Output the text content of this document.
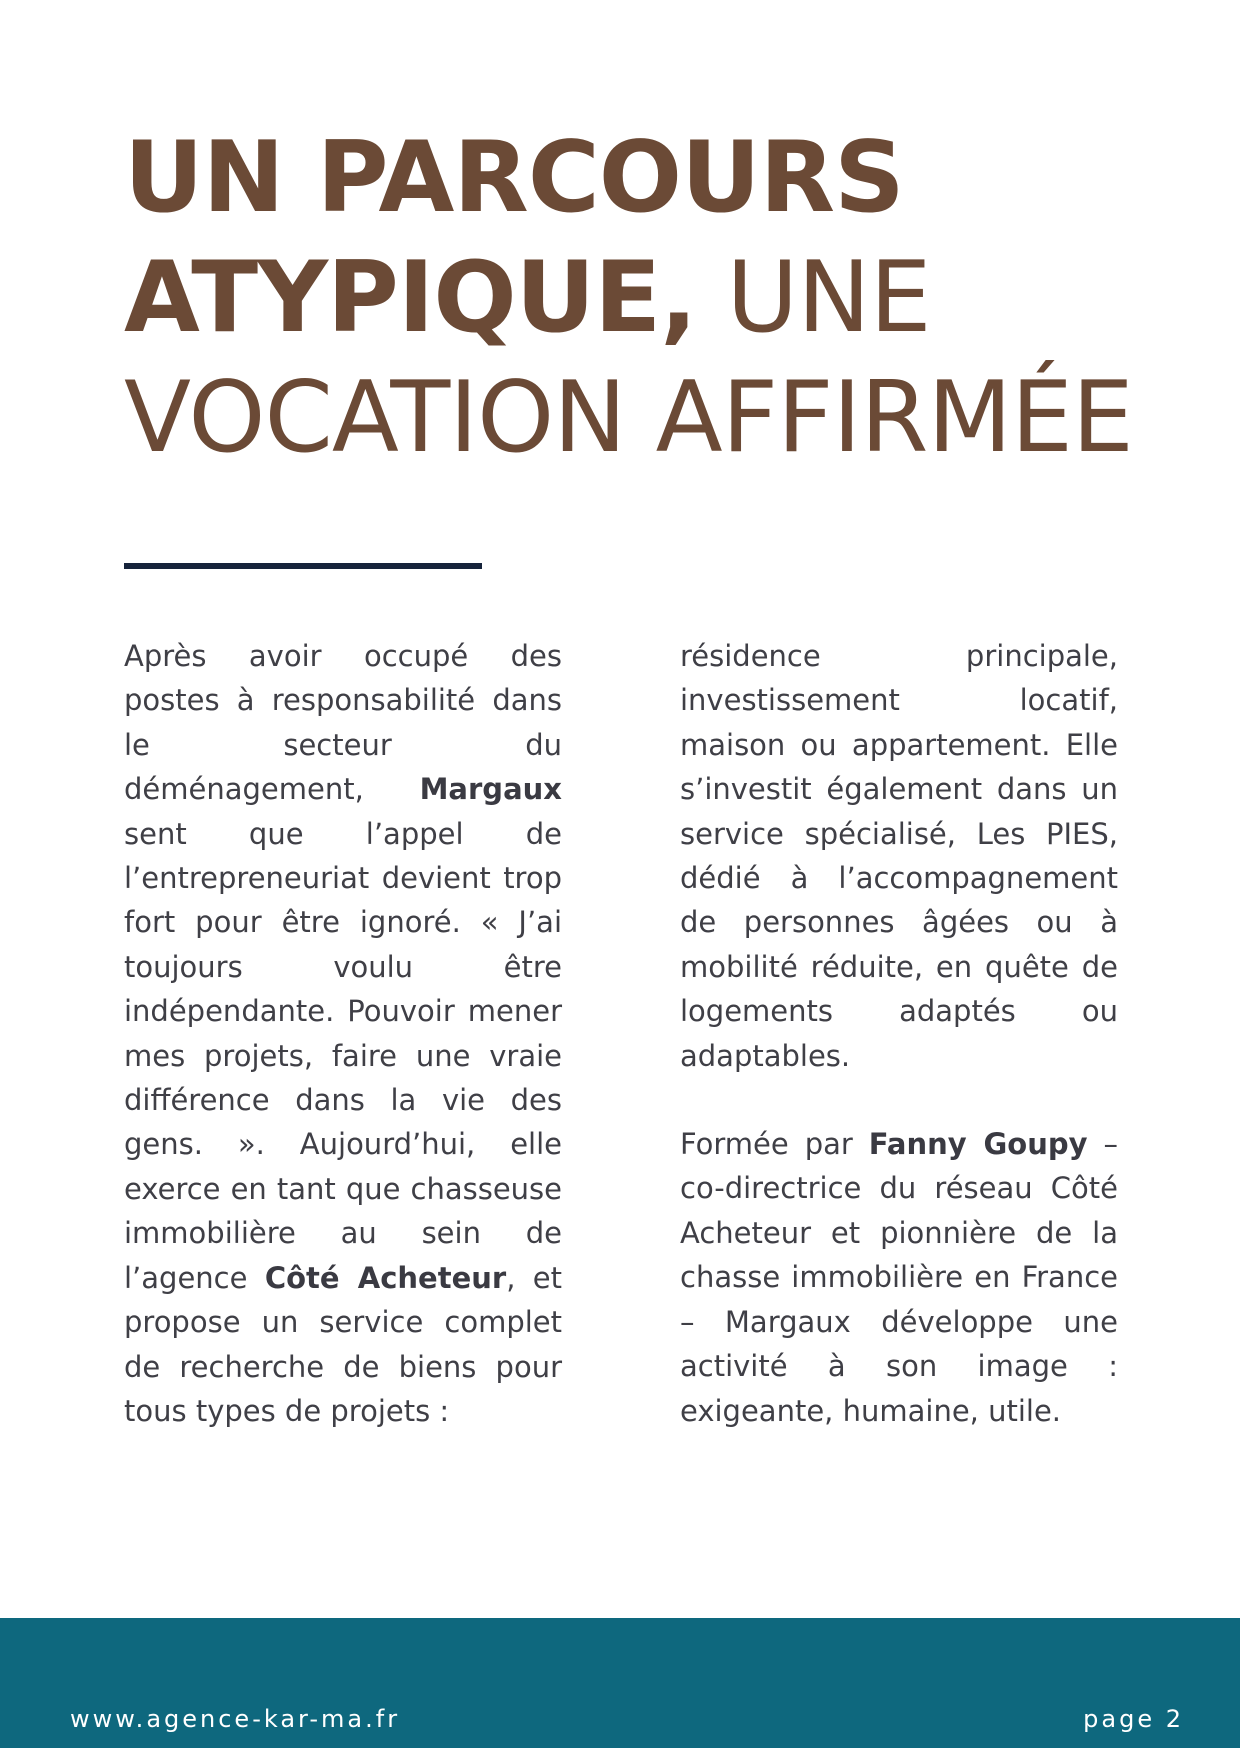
UN PARCOURS
ATYPIQUE, UNE
VOCATION AFFIRMÉE

Après avoir occupé des postes à responsabilité dans le secteur du déménagement, Margaux sent que l’appel de l’entrepreneuriat devient trop fort pour être ignoré. « J’ai toujours voulu être indépendante. Pouvoir mener mes projets, faire une vraie différence dans la vie des gens. ». Aujourd’hui, elle exerce en tant que chasseuse immobilière au sein de l’agence Côté Acheteur, et propose un service complet de recherche de biens pour tous types de projets :

résidence principale, investissement locatif, maison ou appartement. Elle s’investit également dans un service spécialisé, Les PIES, dédié à l’accompagnement de personnes âgées ou à mobilité réduite, en quête de logements adaptés ou adaptables.

Formée par Fanny Goupy – co-directrice du réseau Côté Acheteur et pionnière de la chasse immobilière en France – Margaux développe une activité à son image : exigeante, humaine, utile.

www.agence-kar-ma.fr	page 2
